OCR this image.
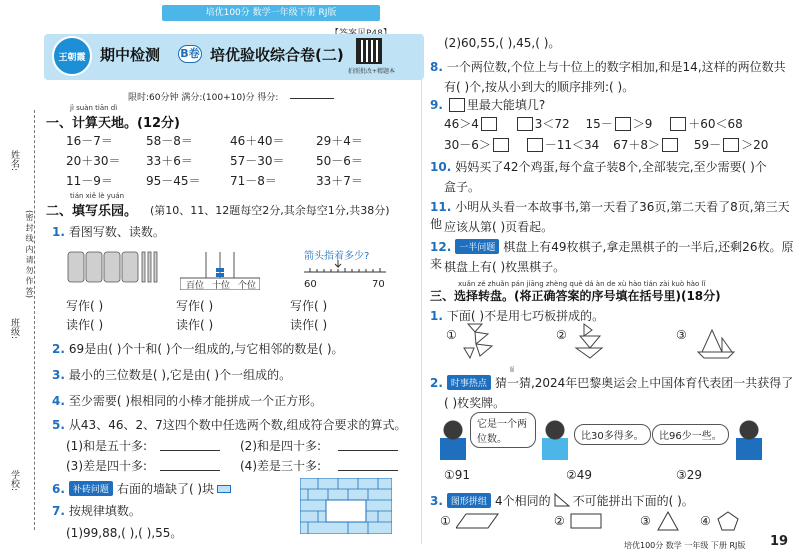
培优100分 数学一年级下册 RJ版
王朝霞 期中检测 B卷 培优验收综合卷(二)
拍照批改+精题本
限时:60分钟 满分:(100+10)分 得分:
姓名:
(密 封 线 内 请 勿 作 答)
班级:
学校:
jì suàn tiān dì
一、计算天地。(12分)
16－7＝	58－8＝	46＋40＝	29＋4＝
20＋30＝ 33＋6＝	57－30＝	50－6＝
11－9＝	95－45＝ 71－8＝	33＋7＝
tián xiě lè yuán
二、填写乐园。 (第10、11、12题每空2分,其余每空1分,共38分)
1. 看图写数、读数。
百位 十位 个位
箭头指着多少?
60	70
写作( )
读作( )
写作( )
读作( )
写作( )
读作( )
2. 69是由( )个十和( )个一组成的,与它相邻的数是( )。
3. 最小的三位数是( ),它是由( )个一组成的。
4. 至少需要( )根相同的小棒才能拼成一个正方形。
5. 从43、46、2、7这四个数中任选两个数,组成符合要求的算式。
(1)和是五十多:	(2)和是四十多:
(3)差是四十多:	(4)差是三十多:
6. 补砖问题 右面的墙缺了( )块
7. 按规律填数。
(1)99,88,( ),( ),55。
(2)60,55,( ),45,( )。
8. 一个两位数,个位上与十位上的数字相加,和是14,这样的两位数共
有( )个,按从小到大的顺序排列:( )。
9. 里最大能填几?
46＞4	3＜72 15－ ＞9	＋60＜68
30－6＞	－11＜34 67＋8＞	59－ ＞20
10. 妈妈买了42个鸡蛋,每个盒子装8个,全部装完,至少需要( )个
盒子。
11. 小明从头看一本故事书,第一天看了36页,第二天看了8页,第三天他 应该从第( )页看起。
12. 一半问题 棋盘上有49枚棋子,拿走黑棋子的一半后,还剩26枚。原来 棋盘上有( )枚黑棋子。
xuǎn zé zhuǎn pán jiāng zhèng què dá àn de xù hào tián zài kuò hào lǐ
三、选择转盘。(将正确答案的序号填在括号里)(18分)
1. 下面( )不是用七巧板拼成的。
①	②	③
lí
2. 时事热点 猜一猜,2024年巴黎奥运会上中国体育代表团一共获得了
( )枚奖牌。
它是一个两位数。	比30多得多。	比96少一些。
①91	②49	③29
3. 图形拼组 4个相同的 不可能拼出下面的( )。
①	②	③	④
培优100分 数学 一年级 下册 RJ版 19
